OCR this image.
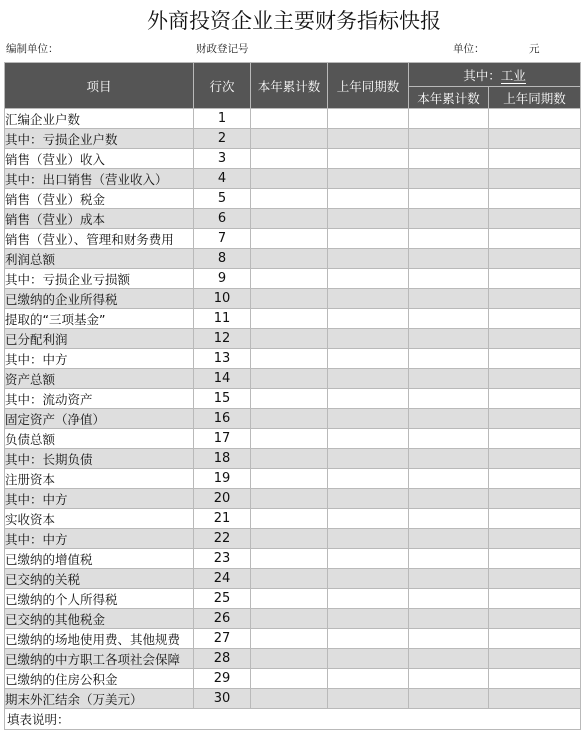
外商投资企业主要财务指标快报
编制单位：	财政登记号	单位：	元
项目	行次	本年累计数	上年同期数	其中：工业	
				本年累计数	上年同期数
汇编企业户数	1				
其中：亏损企业户数	2				
销售（营业）收入	3				
其中：出口销售（营业收入）	4				
销售（营业）税金	5				
销售（营业）成本	6				
销售（营业）、管理和财务费用	7				
利润总额	8				
其中：亏损企业亏损额	9				
已缴纳的企业所得税	10				
提取的“三项基金”	11				
已分配利润	12				
其中：中方	13				
资产总额	14				
其中：流动资产	15				
固定资产（净值）	16				
负债总额	17				
其中：长期负债	18				
注册资本	19				
其中：中方	20				
实收资本	21				
其中：中方	22				
已缴纳的增值税	23				
已交纳的关税	24				
已缴纳的个人所得税	25				
已交纳的其他税金	26				
已缴纳的场地使用费、其他规费	27				
已缴纳的中方职工各项社会保障	28				
已缴纳的住房公积金	29				
期末外汇结余（万美元）	30				
填表说明：					
